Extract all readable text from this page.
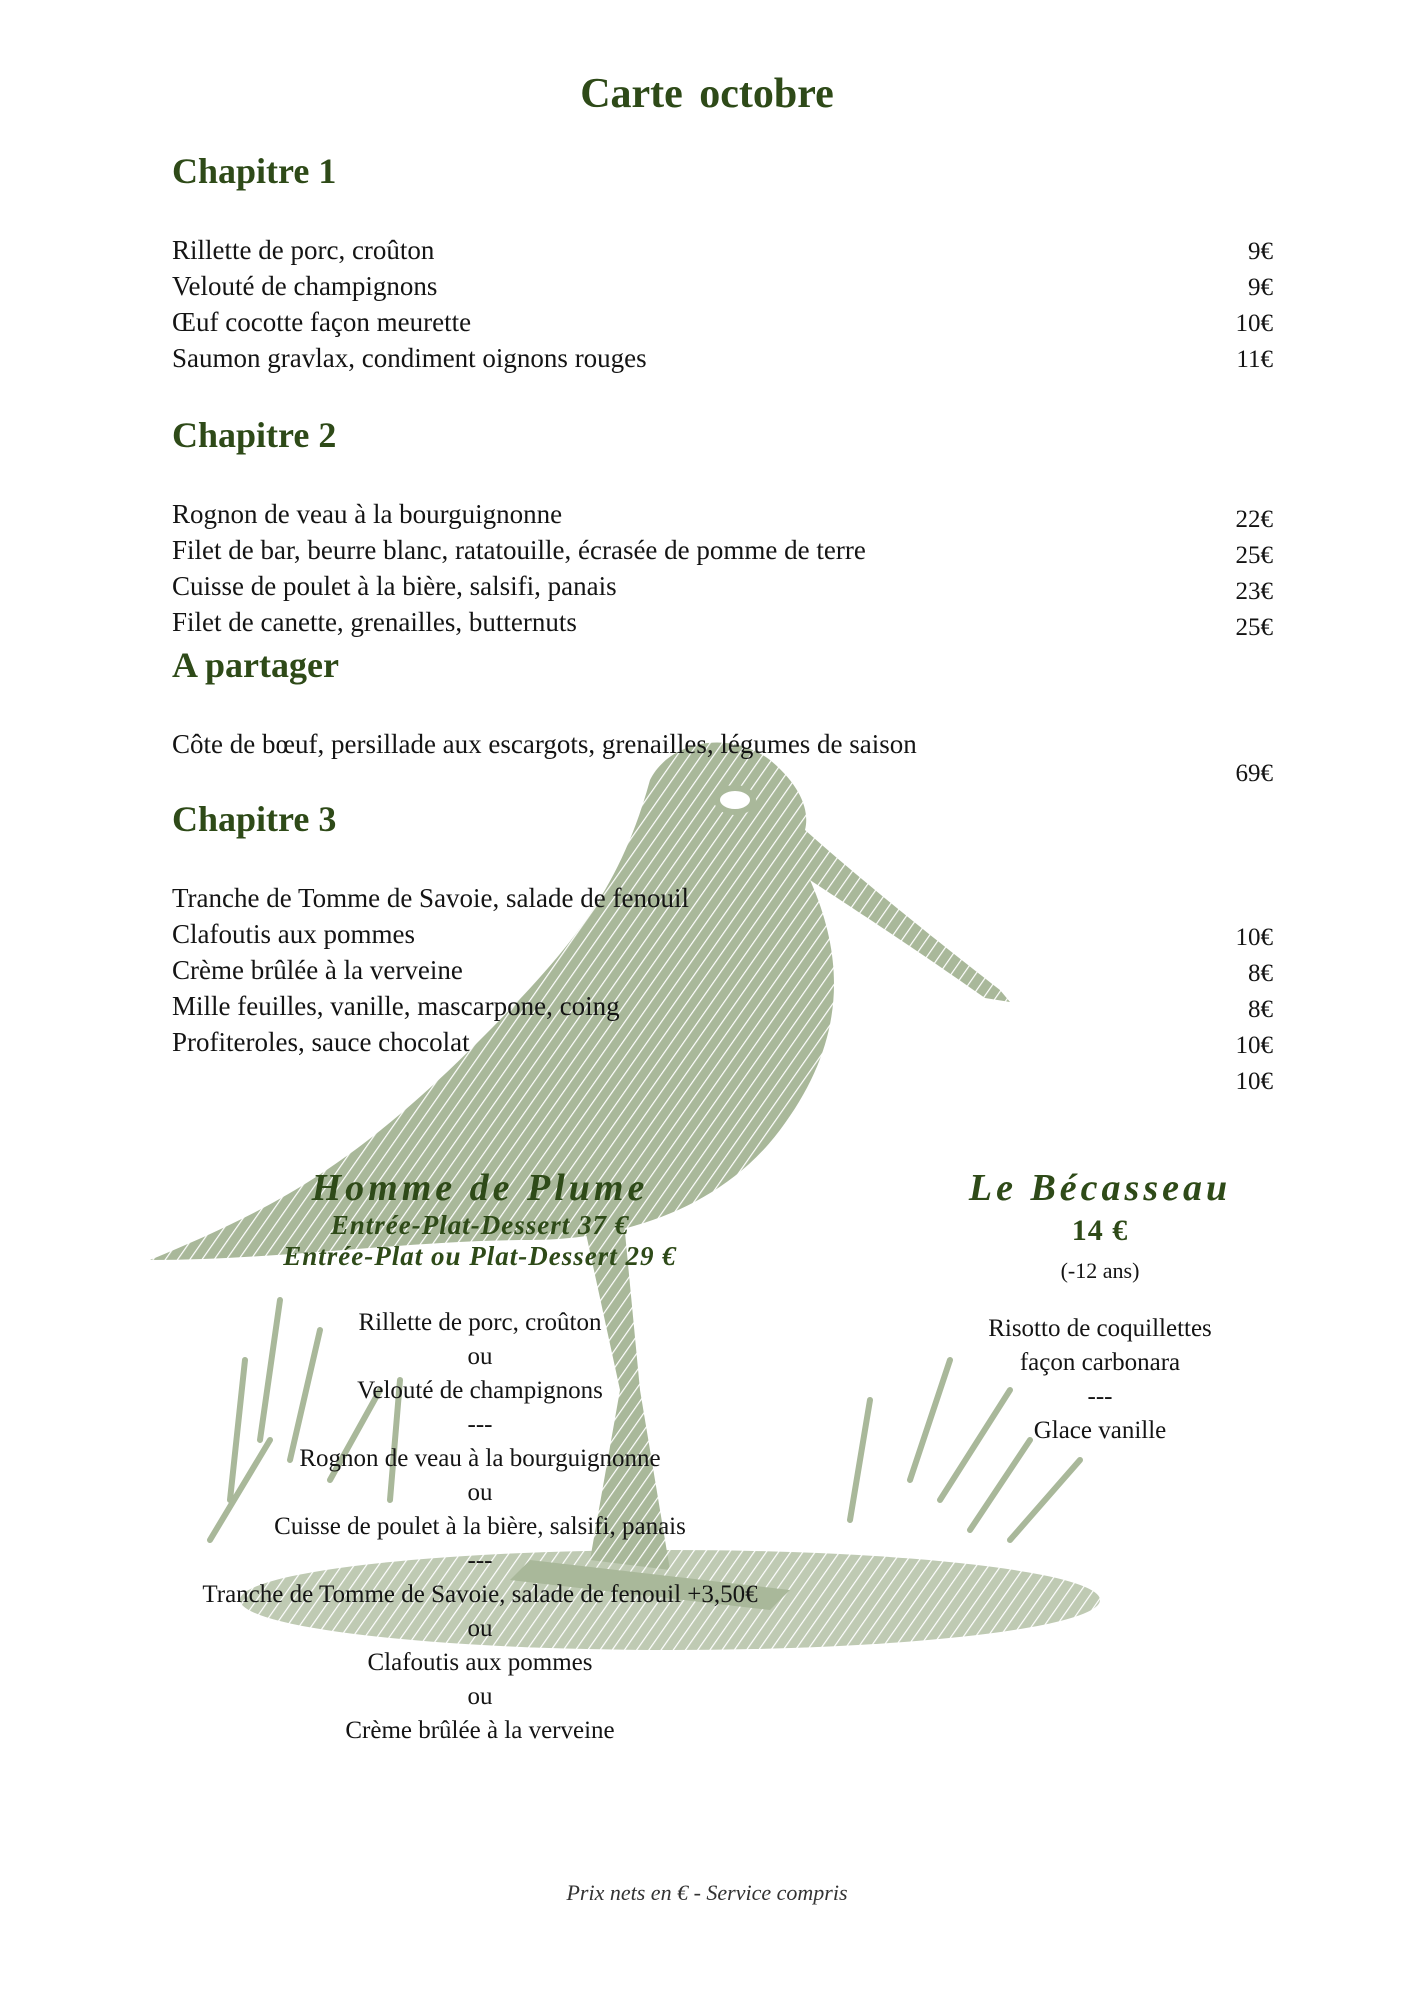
Carte octobre
Chapitre 1
Rillette de porc, croûton
Velouté de champignons
Œuf cocotte façon meurette
Saumon gravlax, condiment oignons rouges
9€
9€
10€
11€
Chapitre 2
Rognon de veau à la bourguignonne
Filet de bar, beurre blanc, ratatouille, écrasée de pomme de terre
Cuisse de poulet à la bière, salsifi, panais
Filet de canette, grenailles, butternuts
22€
25€
23€
25€
A partager
Côte de bœuf, persillade aux escargots, grenailles, légumes de saison
69€
Chapitre 3
Tranche de Tomme de Savoie, salade de fenouil
Clafoutis aux pommes
Crème brûlée à la verveine
Mille feuilles, vanille, mascarpone, coing
Profiteroles, sauce chocolat
10€
8€
8€
10€
10€
Homme de Plume
Entrée-Plat-Dessert 37 €
Entrée-Plat ou Plat-Dessert 29 €
Rillette de porc, croûton
ou
Velouté de champignons
---
Rognon de veau à la bourguignonne
ou
Cuisse de poulet à la bière, salsifi, panais
---
Tranche de Tomme de Savoie, salade de fenouil +3,50€
ou
Clafoutis aux pommes
ou
Crème brûlée à la verveine
Le Bécasseau
14 €
(-12 ans)
Risotto de coquillettes
façon carbonara
---
Glace vanille
Prix nets en € - Service compris
